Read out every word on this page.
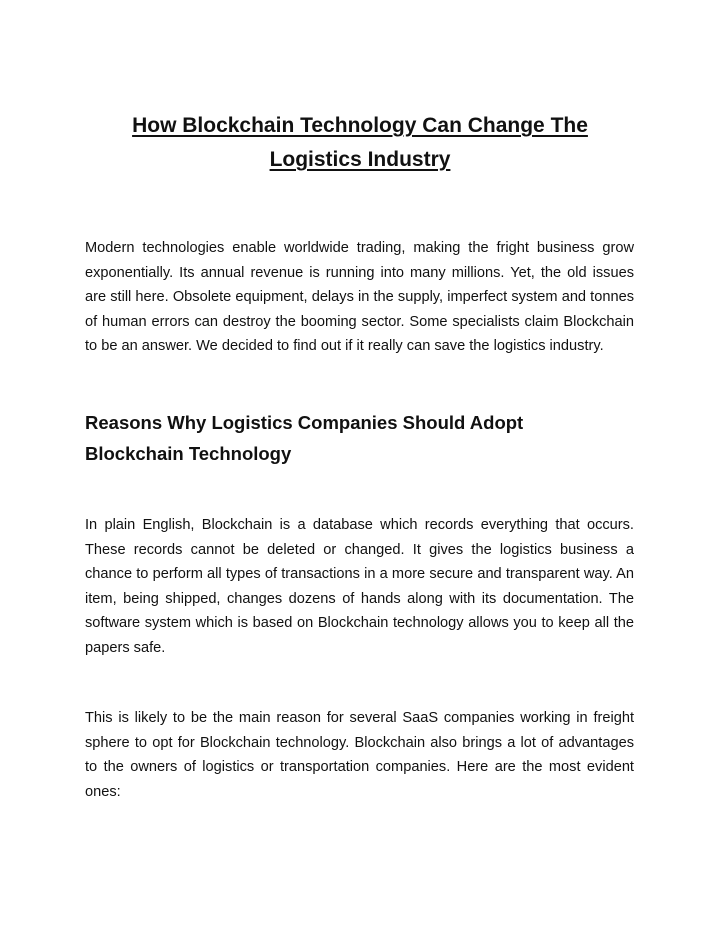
How Blockchain Technology Can Change The Logistics Industry

Modern technologies enable worldwide trading, making the fright business grow exponentially. Its annual revenue is running into many millions. Yet, the old issues are still here. Obsolete equipment, delays in the supply, imperfect system and tonnes of human errors can destroy the booming sector. Some specialists claim Blockchain to be an answer. We decided to find out if it really can save the logistics industry.

Reasons Why Logistics Companies Should Adopt Blockchain Technology

In plain English, Blockchain is a database which records everything that occurs. These records cannot be deleted or changed. It gives the logistics business a chance to perform all types of transactions in a more secure and transparent way. An item, being shipped, changes dozens of hands along with its documentation. The software system which is based on Blockchain technology allows you to keep all the papers safe.

This is likely to be the main reason for several SaaS companies working in freight sphere to opt for Blockchain technology. Blockchain also brings a lot of advantages to the owners of logistics or transportation companies. Here are the most evident ones:
